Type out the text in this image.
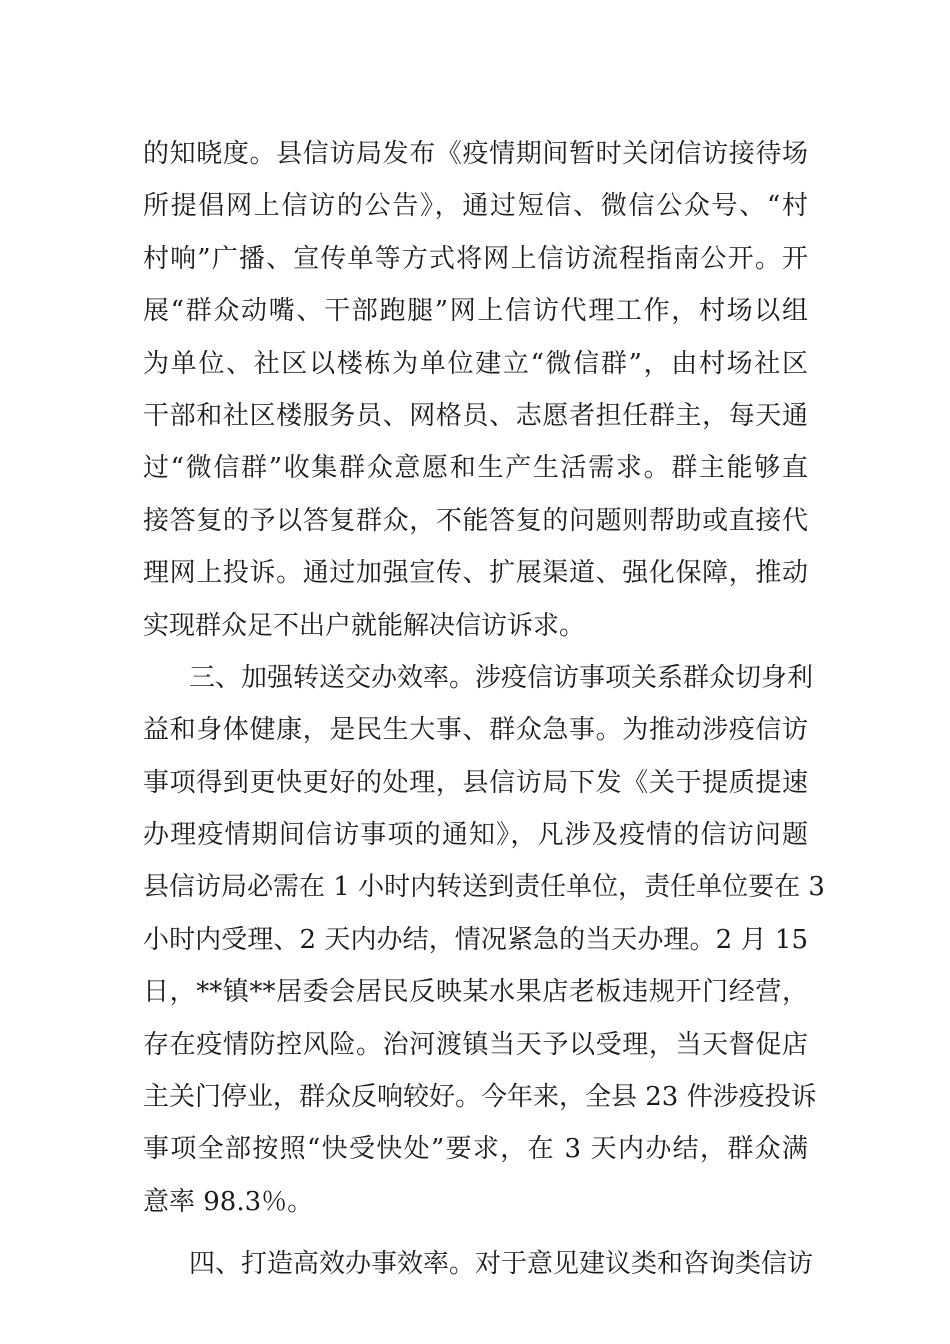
的知晓度。县信访局发布《疫情期间暂时关闭信访接待场
所提倡网上信访的公告》，通过短信、微信公众号、“村
村响”广播、宣传单等方式将网上信访流程指南公开。开
展“群众动嘴、干部跑腿”网上信访代理工作，村场以组
为单位、社区以楼栋为单位建立“微信群”，由村场社区
干部和社区楼服务员、网格员、志愿者担任群主，每天通
过“微信群”收集群众意愿和生产生活需求。群主能够直
接答复的予以答复群众，不能答复的问题则帮助或直接代
理网上投诉。通过加强宣传、扩展渠道、强化保障，推动
实现群众足不出户就能解决信访诉求。
三、加强转送交办效率。涉疫信访事项关系群众切身利
益和身体健康，是民生大事、群众急事。为推动涉疫信访
事项得到更快更好的处理，县信访局下发《关于提质提速
办理疫情期间信访事项的通知》，凡涉及疫情的信访问题
县信访局必需在 1 小时内转送到责任单位，责任单位要在 3
小时内受理、2 天内办结，情况紧急的当天办理。2 月 15
日，**镇**居委会居民反映某水果店老板违规开门经营，
存在疫情防控风险。治河渡镇当天予以受理，当天督促店
主关门停业，群众反响较好。今年来，全县 23 件涉疫投诉
事项全部按照“快受快处”要求，在 3 天内办结，群众满
意率 98.3％。
四、打造高效办事效率。对于意见建议类和咨询类信访
